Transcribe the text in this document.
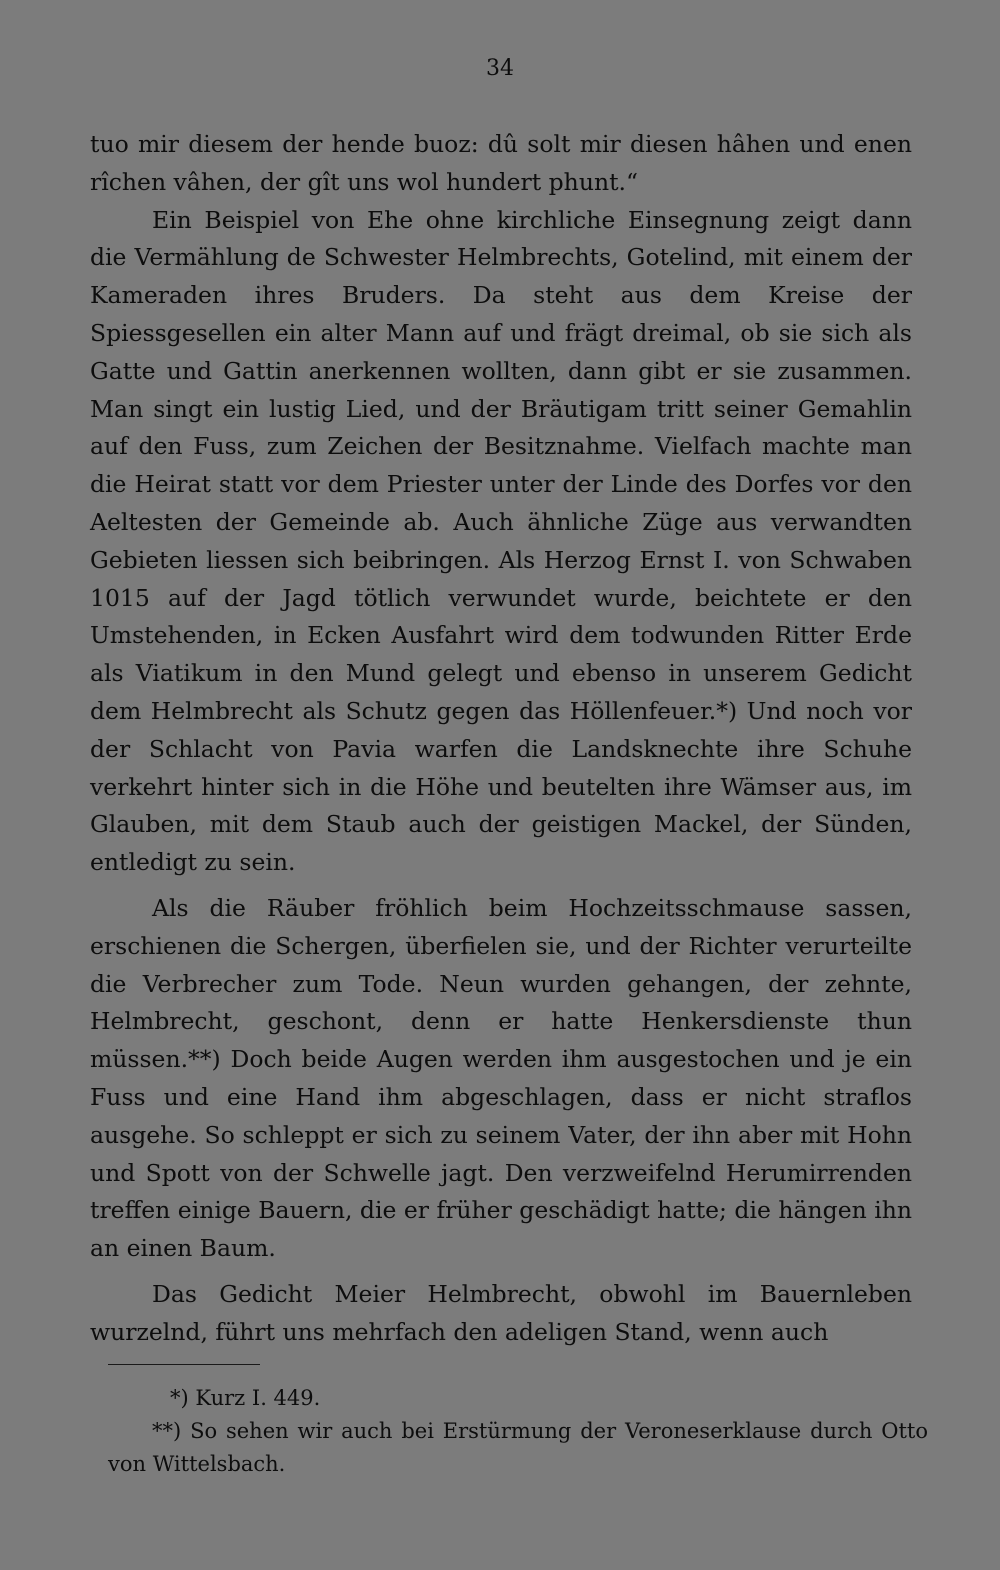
34

tuo mir diesem der hende buoz: dû solt mir diesen hâhen und enen rîchen vâhen, der gît uns wol hundert phunt.“

Ein Beispiel von Ehe ohne kirchliche Einsegnung zeigt dann die Vermählung de Schwester Helmbrechts, Gotelind, mit einem der Kameraden ihres Bruders. Da steht aus dem Kreise der Spiessgesellen ein alter Mann auf und frägt dreimal, ob sie sich als Gatte und Gattin anerkennen wollten, dann gibt er sie zusammen. Man singt ein lustig Lied, und der Bräutigam tritt seiner Gemahlin auf den Fuss, zum Zeichen der Besitznahme. Vielfach machte man die Heirat statt vor dem Priester unter der Linde des Dorfes vor den Aeltesten der Gemeinde ab. Auch ähnliche Züge aus verwandten Gebieten liessen sich beibringen. Als Herzog Ernst I. von Schwaben 1015 auf der Jagd tötlich verwundet wurde, beichtete er den Umstehenden, in Ecken Ausfahrt wird dem todwunden Ritter Erde als Viatikum in den Mund gelegt und ebenso in unserem Gedicht dem Helmbrecht als Schutz gegen das Höllenfeuer.*) Und noch vor der Schlacht von Pavia warfen die Landsknechte ihre Schuhe verkehrt hinter sich in die Höhe und beutelten ihre Wämser aus, im Glauben, mit dem Staub auch der geistigen Mackel, der Sünden, entledigt zu sein.

Als die Räuber fröhlich beim Hochzeitsschmause sassen, erschienen die Schergen, überfielen sie, und der Richter verurteilte die Verbrecher zum Tode. Neun wurden gehangen, der zehnte, Helmbrecht, geschont, denn er hatte Henkersdienste thun müssen.**) Doch beide Augen werden ihm ausgestochen und je ein Fuss und eine Hand ihm abgeschlagen, dass er nicht straflos ausgehe. So schleppt er sich zu seinem Vater, der ihn aber mit Hohn und Spott von der Schwelle jagt. Den verzweifelnd Herumirrenden treffen einige Bauern, die er früher geschädigt hatte; die hängen ihn an einen Baum.

Das Gedicht Meier Helmbrecht, obwohl im Bauernleben wurzelnd, führt uns mehrfach den adeligen Stand, wenn auch

*) Kurz I. 449.

**) So sehen wir auch bei Erstürmung der Veroneserklause durch Otto von Wittelsbach.
